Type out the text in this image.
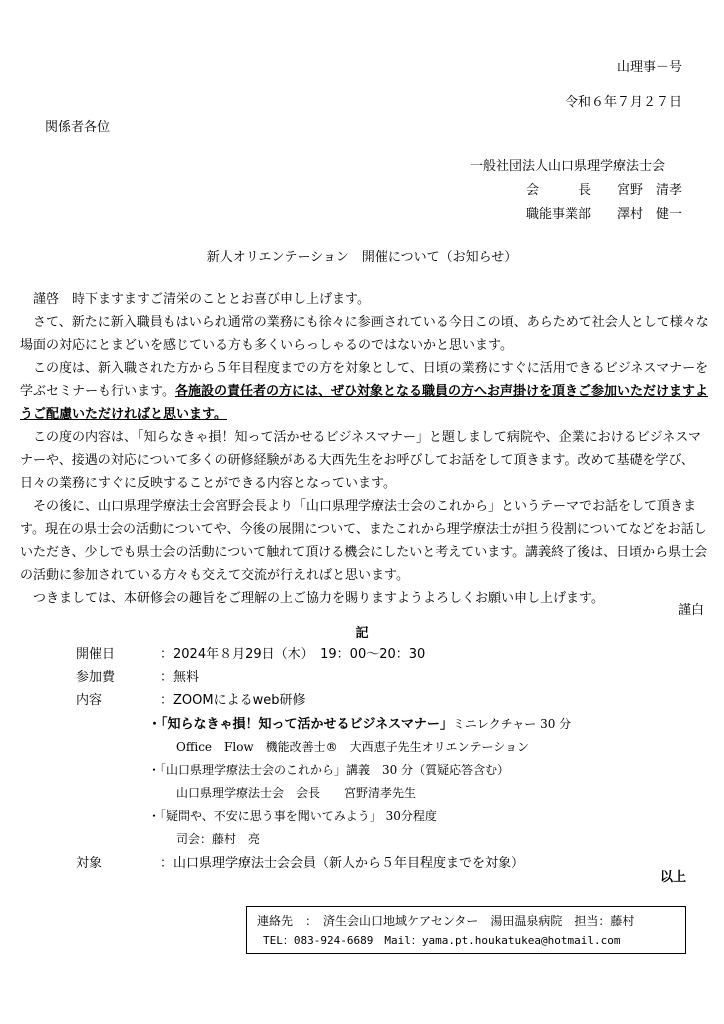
山理事－号
令和６年７月２７日
関係者各位
一般社団法人山口県理学療法士会
会　　　長　　宮野　清孝
職能事業部　　澤村　健一
新人オリエンテーション　開催について（お知らせ）

謹啓　時下ますますご清栄のこととお喜び申し上げます。

さて、新たに新入職員もはいられ通常の業務にも徐々に参画されている今日この頃、あらためて社会人として様々な場面の対応にとまどいを感じている方も多くいらっしゃるのではないかと思います。

この度は、新入職された方から５年目程度までの方を対象として、日頃の業務にすぐに活用できるビジネスマナーを学ぶセミナーも行います。各施設の責任者の方には、ぜひ対象となる職員の方へお声掛けを頂きご参加いただけますようご配慮いただければと思います。

この度の内容は、「知らなきゃ損！知って活かせるビジネスマナー」と題しまして病院や、企業におけるビジネスマナーや、接遇の対応について多くの研修経験がある大西先生をお呼びしてお話をして頂きます。改めて基礎を学び、日々の業務にすぐに反映することができる内容となっています。

その後に、山口県理学療法士会宮野会長より「山口県理学療法士会のこれから」というテーマでお話をして頂きます。現在の県士会の活動についてや、今後の展開について、またこれから理学療法士が担う役割についてなどをお話しいただき、少しでも県士会の活動について触れて頂ける機会にしたいと考えています。講義終了後は、日頃から県士会の活動に参加されている方々も交えて交流が行えればと思います。

つきましては、本研修会の趣旨をご理解の上ご協力を賜りますようよろしくお願い申し上げます。

謹白
記
開催日	：2024年８月29日（木）　19：00～20：30
参加費	：無料
内容	：ZOOMによるweb研修
・「知らなきゃ損！知って活かせるビジネスマナー」ミニレクチャー 30 分
Office　Flow　機能改善士®　大西恵子先生オリエンテーション
・「山口県理学療法士会のこれから」講義　30 分（質疑応答含む）
山口県理学療法士会　会長　　宮野清孝先生
・「疑問や、不安に思う事を聞いてみよう」 30分程度
司会：藤村　亮
対象	：山口県理学療法士会会員（新人から５年目程度までを対象）
以上
連絡先　：　済生会山口地域ケアセンター　湯田温泉病院　担当：藤村
TEL：083-924-6689　Mail：yama.pt.houkatukea@hotmail.com
